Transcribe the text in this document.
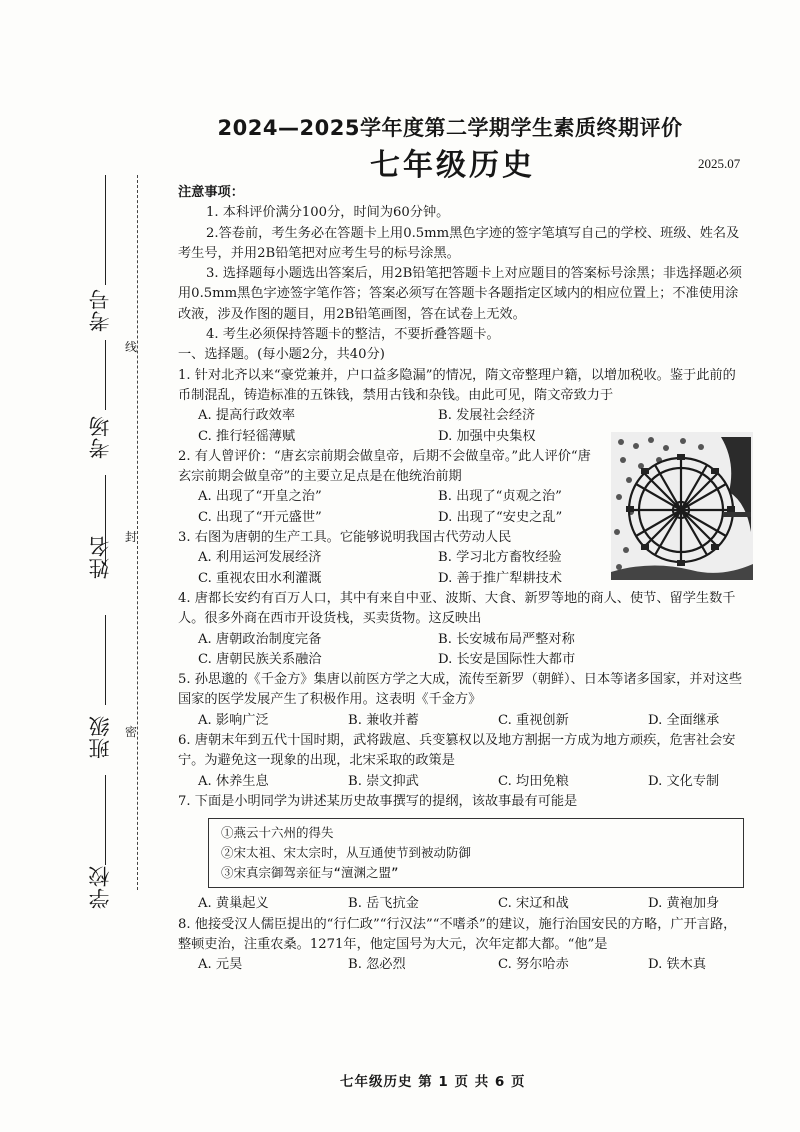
线
封
密
考号
考场
姓名
班级
学校
2024—2025学年度第二学期学生素质终期评价
七年级历史	2025.07

注意事项：

1. 本科评价满分100分，时间为60分钟。

2.答卷前，考生务必在答题卡上用0.5mm黑色字迹的签字笔填写自己的学校、班级、姓名及考生号，并用2B铅笔把对应考生号的标号涂黑。

3. 选择题每小题选出答案后，用2B铅笔把答题卡上对应题目的答案标号涂黑；非选择题必须用0.5mm黑色字迹签字笔作答；答案必须写在答题卡各题指定区域内的相应位置上；不准使用涂改液，涉及作图的题目，用2B铅笔画图，答在试卷上无效。

4. 考生必须保持答题卡的整洁，不要折叠答题卡。

一、选择题。(每小题2分，共40分)

1. 针对北齐以来“豪党兼并，户口益多隐漏”的情况，隋文帝整理户籍，以增加税收。鉴于此前的币制混乱，铸造标准的五铢钱，禁用古钱和杂钱。由此可见，隋文帝致力于

A. 提高行政效率	B. 发展社会经济
C. 推行轻徭薄赋	D. 加强中央集权

2. 有人曾评价：“唐玄宗前期会做皇帝，后期不会做皇帝。”此人评价“唐玄宗前期会做皇帝”的主要立足点是在他统治前期

A. 出现了“开皇之治”	B. 出现了“贞观之治”
C. 出现了“开元盛世”	D. 出现了“安史之乱”

3. 右图为唐朝的生产工具。它能够说明我国古代劳动人民

A. 利用运河发展经济	B. 学习北方畜牧经验
C. 重视农田水利灌溉	D. 善于推广犁耕技术

4. 唐都长安约有百万人口，其中有来自中亚、波斯、大食、新罗等地的商人、使节、留学生数千人。很多外商在西市开设货栈，买卖货物。这反映出

A. 唐朝政治制度完备	B. 长安城布局严整对称
C. 唐朝民族关系融洽	D. 长安是国际性大都市

5. 孙思邈的《千金方》集唐以前医方学之大成，流传至新罗（朝鲜）、日本等诸多国家，并对这些国家的医学发展产生了积极作用。这表明《千金方》

A. 影响广泛	B. 兼收并蓄	C. 重视创新	D. 全面继承

6. 唐朝末年到五代十国时期，武将跋扈、兵变篡权以及地方割据一方成为地方顽疾，危害社会安宁。为避免这一现象的出现，北宋采取的政策是

A. 休养生息	B. 崇文抑武	C. 均田免粮	D. 文化专制

7. 下面是小明同学为讲述某历史故事撰写的提纲，该故事最有可能是

①燕云十六州的得失
②宋太祖、宋太宗时，从互通使节到被动防御
③宋真宗御驾亲征与“澶渊之盟”
A. 黄巢起义	B. 岳飞抗金	C. 宋辽和战	D. 黄袍加身

8. 他接受汉人儒臣提出的“行仁政”“行汉法”“不嗜杀”的建议，施行治国安民的方略，广开言路，整顿吏治，注重农桑。1271年，他定国号为大元，次年定都大都。“他”是

A. 元昊	B. 忽必烈	C. 努尔哈赤	D. 铁木真
七年级历史 第 1 页 共 6 页
